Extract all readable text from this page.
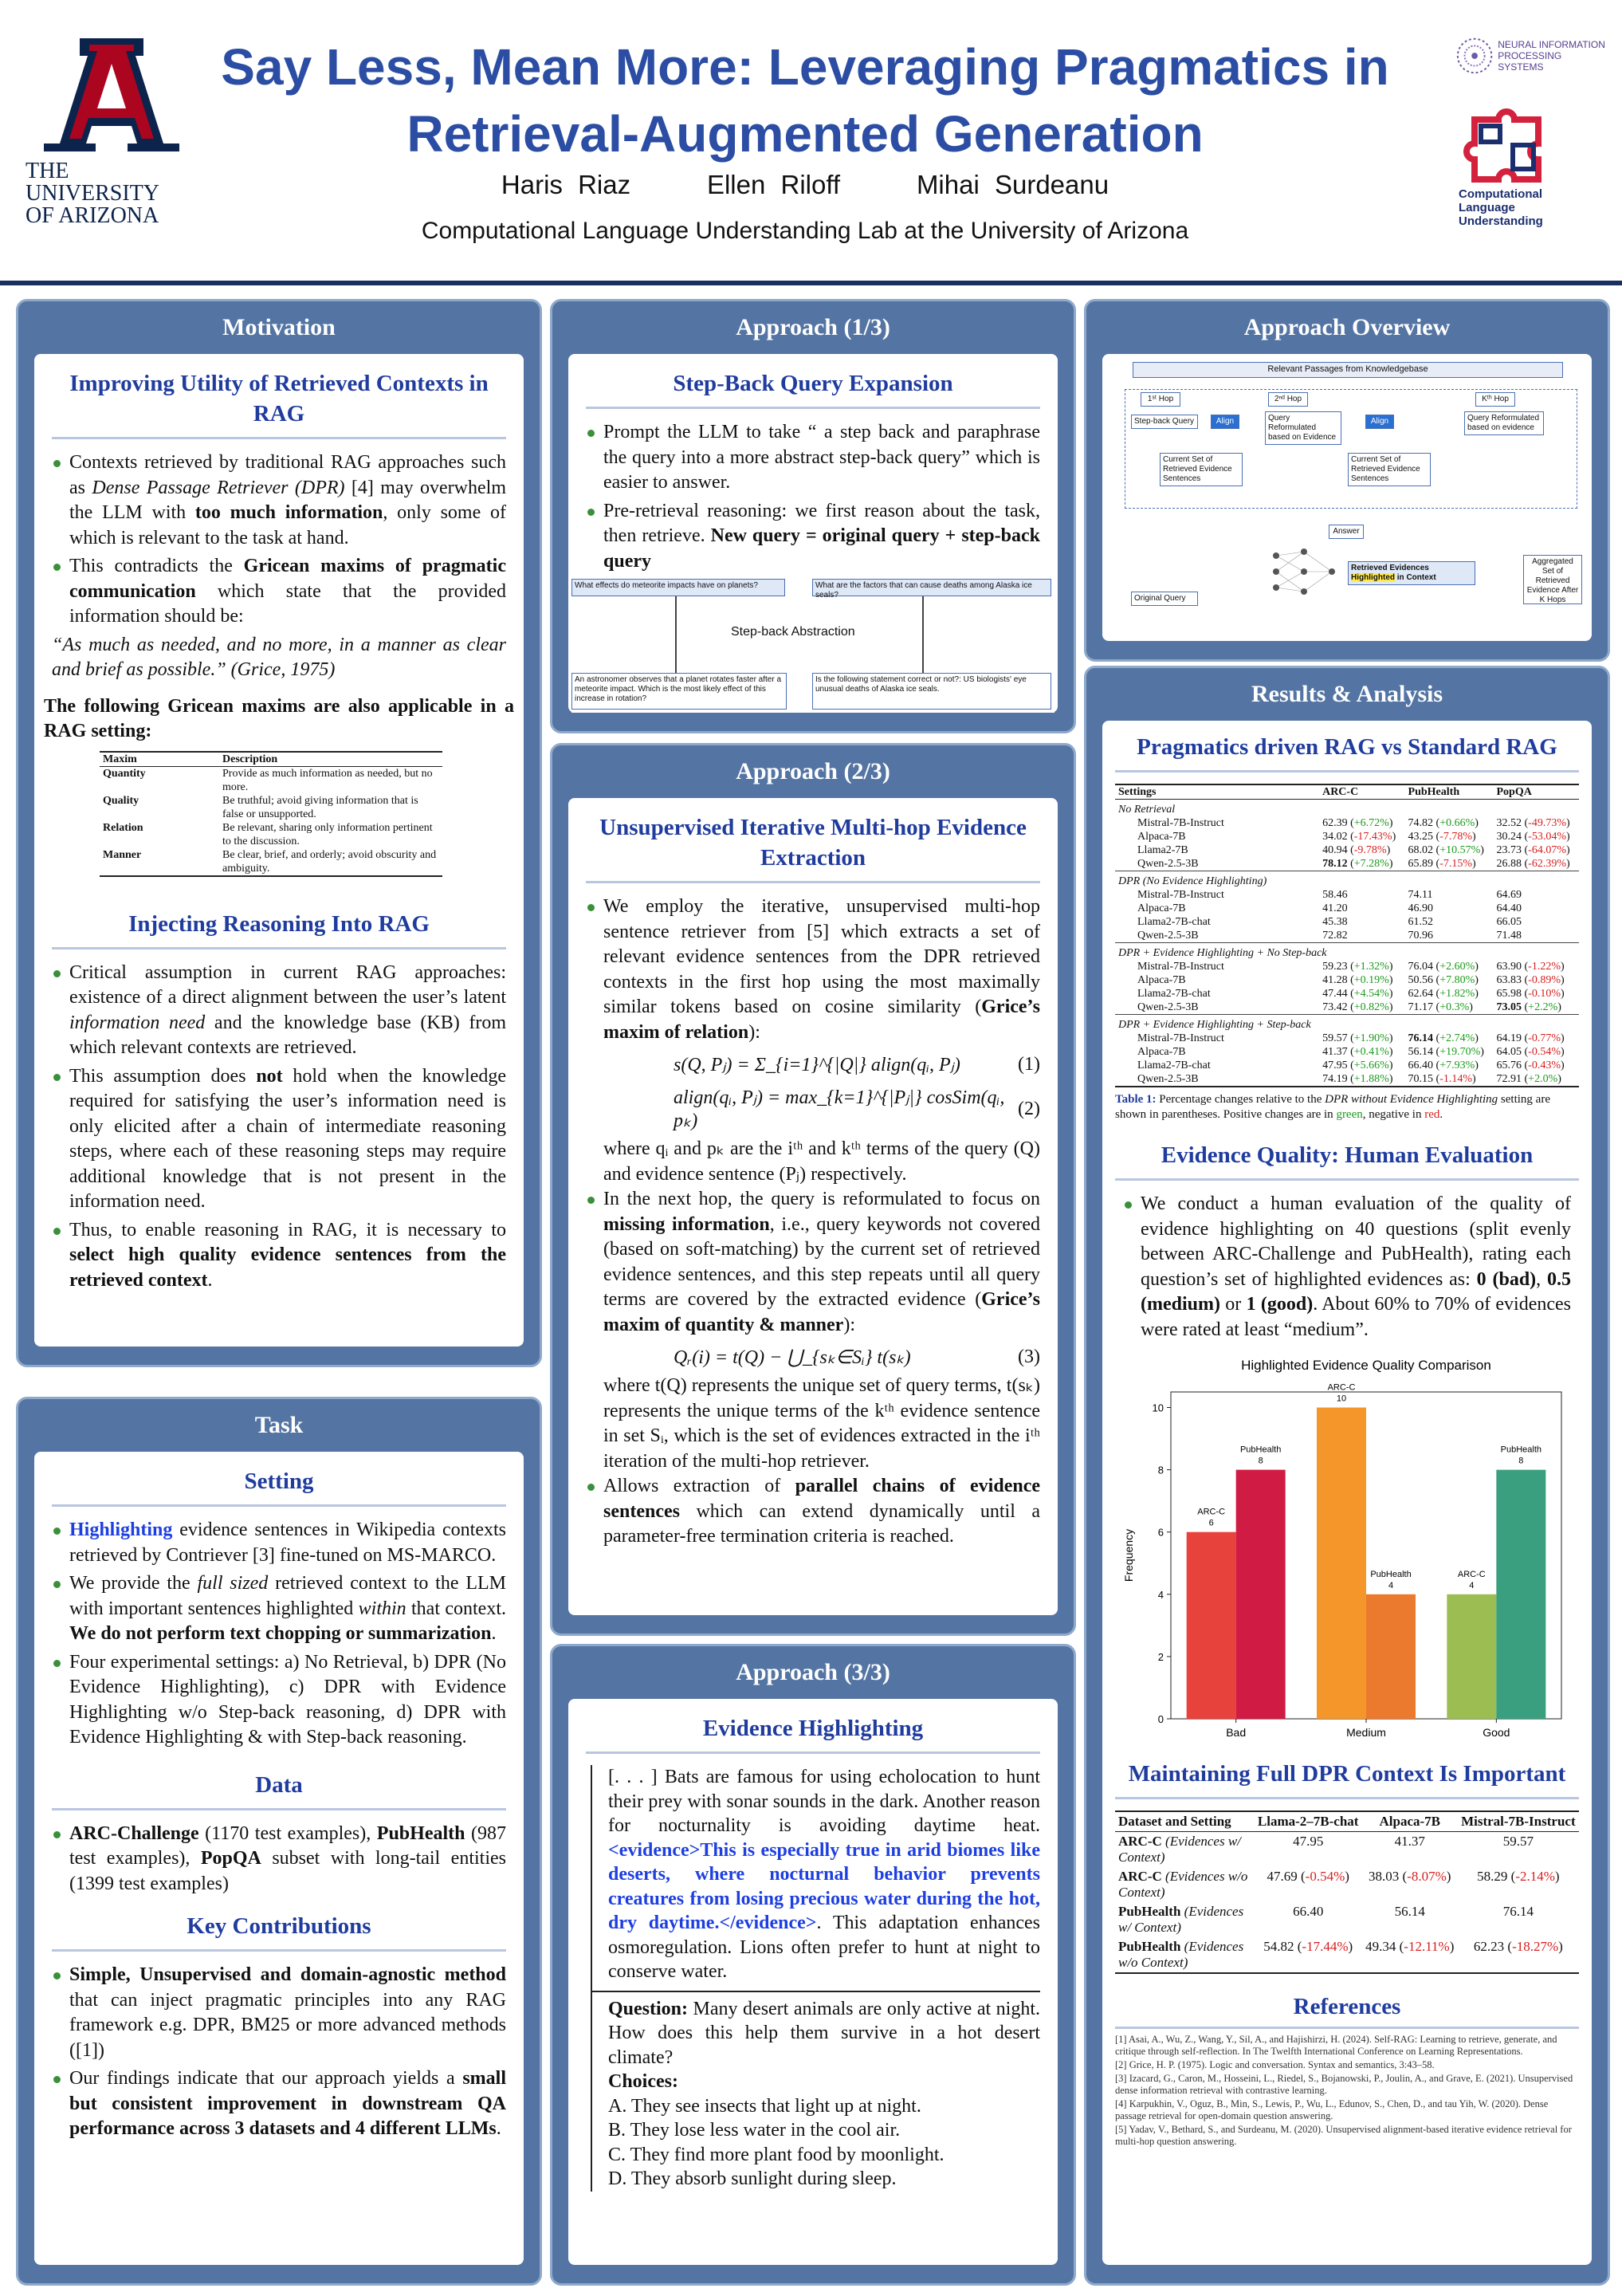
THE UNIVERSITY
OF ARIZONA
Say Less, Mean More: Leveraging Pragmatics in
Retrieval-Augmented Generation
Haris Riaz	Ellen Riloff	Mihai Surdeanu
Computational Language Understanding Lab at the University of Arizona
NEURAL INFORMATION
PROCESSING SYSTEMS
Computational
Language
Understanding
Motivation
Improving Utility of Retrieved Contexts in RAG
Contexts retrieved by traditional RAG approaches such as Dense Passage Retriever (DPR) [4] may overwhelm the LLM with too much information, only some of which is relevant to the task at hand.
This contradicts the Gricean maxims of pragmatic communication which state that the provided information should be:
“As much as needed, and no more, in a manner as clear and brief as possible.” (Grice, 1975)
The following Gricean maxims are also applicable in a RAG setting:
Maxim	Description
Quantity	Provide as much information as needed, but no more.
Quality	Be truthful; avoid giving information that is false or unsupported.
Relation	Be relevant, sharing only information pertinent to the discussion.
Manner	Be clear, brief, and orderly; avoid obscurity and ambiguity.
Injecting Reasoning Into RAG
Critical assumption in current RAG approaches: existence of a direct alignment between the user’s latent information need and the knowledge base (KB) from which relevant contexts are retrieved.
This assumption does not hold when the knowledge required for satisfying the user’s information need is only elicited after a chain of intermediate reasoning steps, where each of these reasoning steps may require additional knowledge that is not present in the information need.
Thus, to enable reasoning in RAG, it is necessary to select high quality evidence sentences from the retrieved context.
Task
Setting
Highlighting evidence sentences in Wikipedia contexts retrieved by Contriever [3] fine-tuned on MS-MARCO.
We provide the full sized retrieved context to the LLM with important sentences highlighted within that context. We do not perform text chopping or summarization.
Four experimental settings: a) No Retrieval, b) DPR (No Evidence Highlighting), c) DPR with Evidence Highlighting w/o Step-back reasoning, d) DPR with Evidence Highlighting & with Step-back reasoning.
Data
ARC-Challenge (1170 test examples), PubHealth (987 test examples), PopQA subset with long-tail entities (1399 test examples)
Key Contributions
Simple, Unsupervised and domain-agnostic method that can inject pragmatic principles into any RAG framework e.g. DPR, BM25 or more advanced methods ([1])
Our findings indicate that our approach yields a small but consistent improvement in downstream QA performance across 3 datasets and 4 different LLMs.
Approach (1/3)
Step-Back Query Expansion
Prompt the LLM to take “ a step back and paraphrase the query into a more abstract step-back query” which is easier to answer.
Pre-retrieval reasoning: we first reason about the task, then retrieve. New query = original query + step-back query
What effects do meteorite impacts have on planets?	What are the factors that can cause deaths among Alaska ice seals?
Step-back Abstraction
An astronomer observes that a planet rotates faster after a meteorite impact. Which is the most likely effect of this increase in rotation?
Is the following statement correct or not?: US biologists' eye unusual deaths of Alaska ice seals.
Approach (2/3)
Unsupervised Iterative Multi-hop Evidence Extraction
We employ the iterative, unsupervised multi-hop sentence retriever from [5] which extracts a set of relevant evidence sentences from the DPR retrieved contexts in the first hop using the most maximally similar tokens based on cosine similarity (Grice’s maxim of relation):
s(Q, Pⱼ) = Σ_{i=1}^{|Q|} align(qᵢ, Pⱼ)	(1)
align(qᵢ, Pⱼ) = max_{k=1}^{|Pⱼ|} cosSim(qᵢ, pₖ)
(2)
where qᵢ and pₖ are the iᵗʰ and kᵗʰ terms of the query (Q) and evidence sentence (Pⱼ) respectively.
In the next hop, the query is reformulated to focus on missing information, i.e., query keywords not covered (based on soft-matching) by the current set of retrieved evidence sentences, and this step repeats until all query terms are covered by the extracted evidence (Grice’s maxim of quantity & manner):
Qᵣ(i) = t(Q) − ⋃_{sₖ∈Sᵢ} t(sₖ)	(3)
where t(Q) represents the unique set of query terms, t(sₖ) represents the unique terms of the kᵗʰ evidence sentence in set Sᵢ, which is the set of evidences extracted in the iᵗʰ iteration of the multi-hop retriever.
Allows extraction of parallel chains of evidence sentences which can extend dynamically until a parameter-free termination criteria is reached.
Approach (3/3)
Evidence Highlighting
[. . . ] Bats are famous for using echolocation to hunt their prey with sonar sounds in the dark. Another reason for nocturnality is avoiding daytime heat. <evidence>This is especially true in arid biomes like deserts, where nocturnal behavior prevents creatures from losing precious water during the hot, dry daytime.</evidence>. This adaptation enhances osmoregulation. Lions often prefer to hunt at night to conserve water.
Question: Many desert animals are only active at night. How does this help them survive in a hot desert climate?
Choices:
A. They see insects that light up at night.
B. They lose less water in the cool air.
C. They find more plant food by moonlight.
D. They absorb sunlight during sleep.
Approach Overview
Relevant Passages from Knowledgebase
1ˢᵗ Hop	2ⁿᵈ Hop	Kᵗʰ Hop
Step-back Query	Align	Query Reformulated based on Evidence
Align	Query Reformulated based on evidence
Current Set of Retrieved Evidence Sentences
Current Set of Retrieved Evidence Sentences
Answer
Retrieved Evidences Highlighted in Context
Aggregated Set of Retrieved Evidence After K Hops
Original Query
Results & Analysis
Pragmatics driven RAG vs Standard RAG
Settings	ARC-C	PubHealth	PopQA
No Retrieval			
Mistral-7B-Instruct	62.39 (+6.72%)	74.82 (+0.66%)	32.52 (-49.73%)
Alpaca-7B	34.02 (-17.43%)	43.25 (-7.78%)	30.24 (-53.04%)
Llama2-7B	40.94 (-9.78%)	68.02 (+10.57%)	23.73 (-64.07%)
Qwen-2.5-3B	78.12 (+7.28%)	65.89 (-7.15%)	26.88 (-62.39%)
DPR (No Evidence Highlighting)			
Mistral-7B-Instruct	58.46	74.11	64.69
Alpaca-7B	41.20	46.90	64.40
Llama2-7B-chat	45.38	61.52	66.05
Qwen-2.5-3B	72.82	70.96	71.48
DPR + Evidence Highlighting + No Step-back			
Mistral-7B-Instruct	59.23 (+1.32%)	76.04 (+2.60%)	63.90 (-1.22%)
Alpaca-7B	41.28 (+0.19%)	50.56 (+7.80%)	63.83 (-0.89%)
Llama2-7B-chat	47.44 (+4.54%)	62.64 (+1.82%)	65.98 (-0.10%)
Qwen-2.5-3B	73.42 (+0.82%)	71.17 (+0.3%)	73.05 (+2.2%)
DPR + Evidence Highlighting + Step-back			
Mistral-7B-Instruct	59.57 (+1.90%)	76.14 (+2.74%)	64.19 (-0.77%)
Alpaca-7B	41.37 (+0.41%)	56.14 (+19.70%)	64.05 (-0.54%)
Llama2-7B-chat	47.95 (+5.66%)	66.40 (+7.93%)	65.76 (-0.43%)
Qwen-2.5-3B	74.19 (+1.88%)	70.15 (-1.14%)	72.91 (+2.0%)
Table 1: Percentage changes relative to the DPR without Evidence Highlighting setting are shown in parentheses. Positive changes are in green, negative in red.
Evidence Quality: Human Evaluation
We conduct a human evaluation of the quality of evidence highlighting on 40 questions (split evenly between ARC-Challenge and PubHealth), rating each question’s set of highlighted evidences as: 0 (bad), 0.5 (medium) or 1 (good). About 60% to 70% of evidences were rated at least “medium”.
Highlighted Evidence Quality Comparison
0
2
4
6
8
10
Frequency
Bad
ARC-C
6
PubHealth
8
Medium
ARC-C
10
PubHealth
4
Good
ARC-C
4
PubHealth
8
Maintaining Full DPR Context Is Important
Dataset and Setting	Llama-2–7B-chat	Alpaca-7B	Mistral-7B-Instruct
ARC-C (Evidences w/ Context)	47.95	41.37	59.57
ARC-C (Evidences w/o Context)	47.69 (-0.54%)	38.03 (-8.07%)	58.29 (-2.14%)
PubHealth (Evidences w/ Context)	66.40	56.14	76.14
PubHealth (Evidences w/o Context)	54.82 (-17.44%)	49.34 (-12.11%)	62.23 (-18.27%)
References
[1] Asai, A., Wu, Z., Wang, Y., Sil, A., and Hajishirzi, H. (2024). Self-RAG: Learning to retrieve, generate, and critique through self-reflection. In The Twelfth International Conference on Learning Representations.
[2] Grice, H. P. (1975). Logic and conversation. Syntax and semantics, 3:43–58.
[3] Izacard, G., Caron, M., Hosseini, L., Riedel, S., Bojanowski, P., Joulin, A., and Grave, E. (2021). Unsupervised dense information retrieval with contrastive learning.
[4] Karpukhin, V., Oguz, B., Min, S., Lewis, P., Wu, L., Edunov, S., Chen, D., and tau Yih, W. (2020). Dense passage retrieval for open-domain question answering.
[5] Yadav, V., Bethard, S., and Surdeanu, M. (2020). Unsupervised alignment-based iterative evidence retrieval for multi-hop question answering.
